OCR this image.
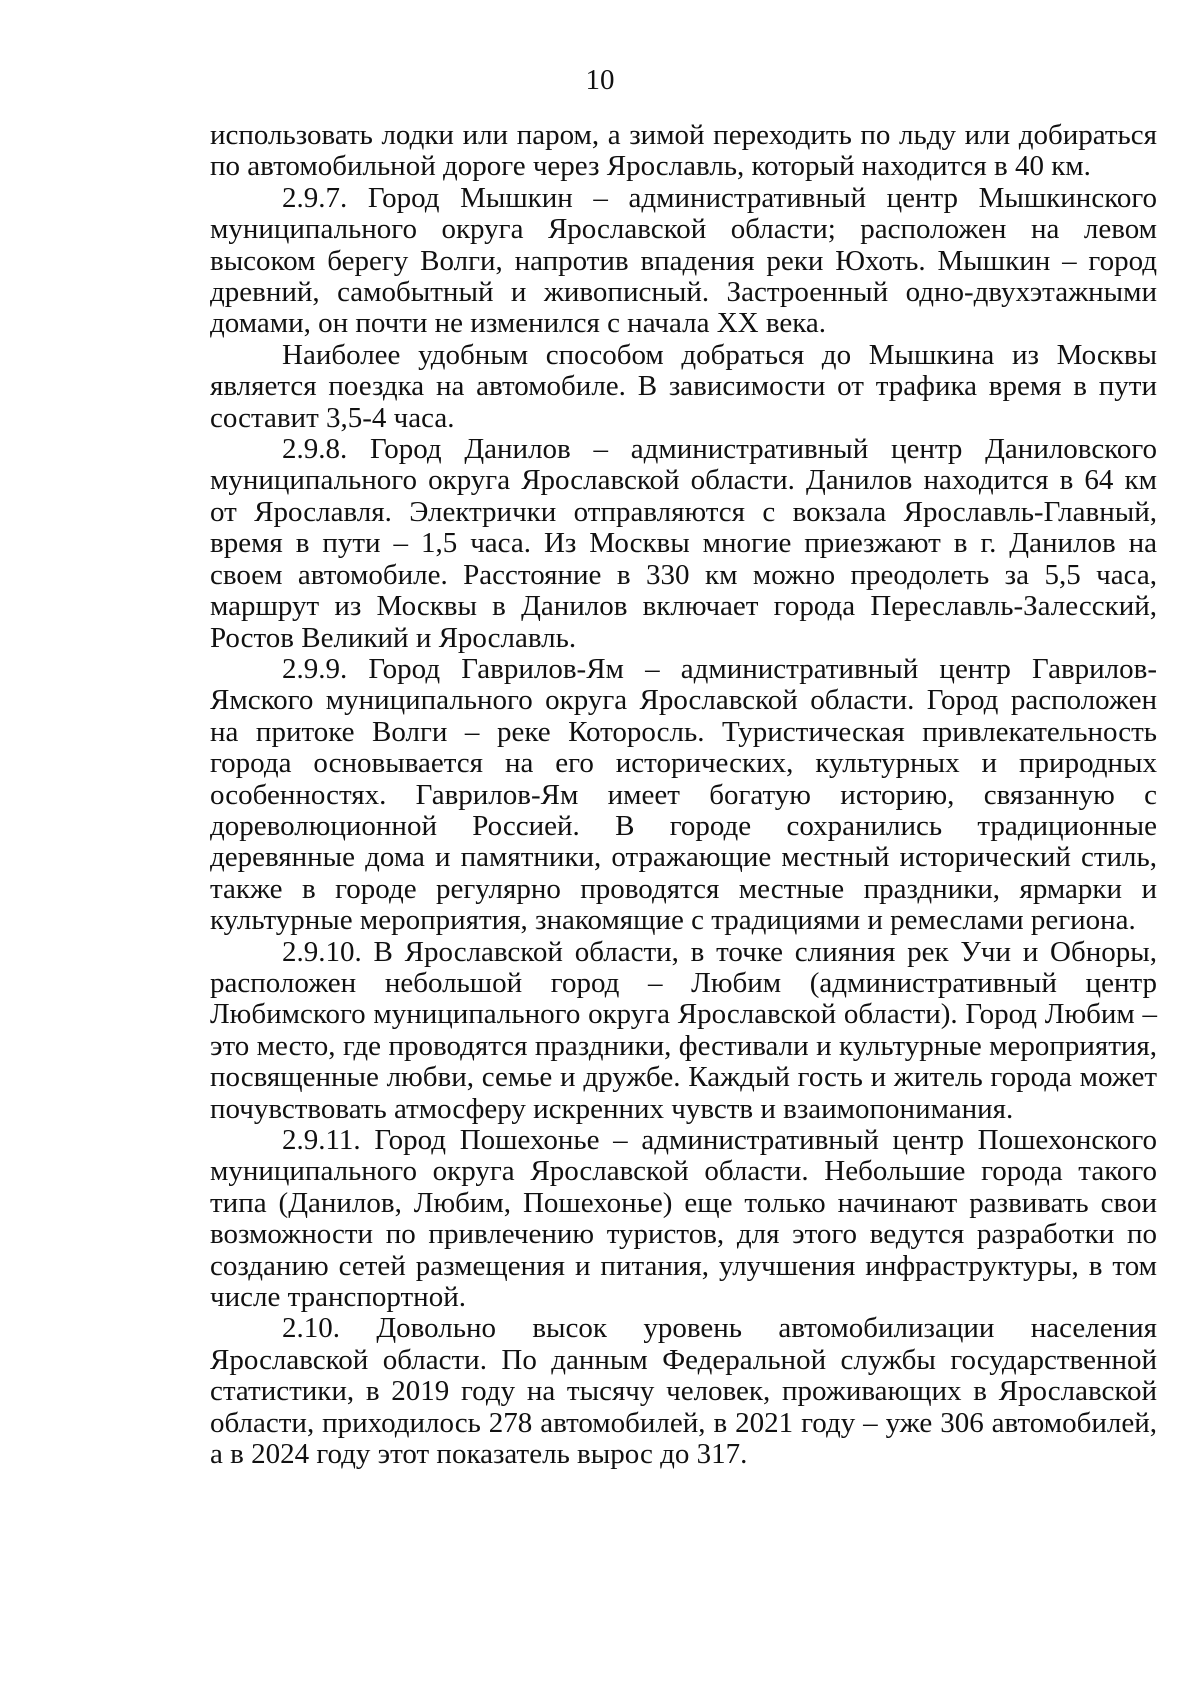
10

использовать лодки или паром, а зимой переходить по льду или добираться по автомобильной дороге через Ярославль, который находится в 40 км.

2.9.7. Город Мышкин – административный центр Мышкинского муниципального округа Ярославской области; расположен на левом высоком берегу Волги, напротив впадения реки Юхоть. Мышкин – город древний, самобытный и живописный. Застроенный одно-двухэтажными домами, он почти не изменился с начала XX века.

Наиболее удобным способом добраться до Мышкина из Москвы является поездка на автомобиле. В зависимости от трафика время в пути составит 3,5-4 часа.

2.9.8. Город Данилов – административный центр Даниловского муниципального округа Ярославской области. Данилов находится в 64 км от Ярославля. Электрички отправляются с вокзала Ярославль-Главный, время в пути – 1,5 часа. Из Москвы многие приезжают в г. Данилов на своем автомобиле. Расстояние в 330 км можно преодолеть за 5,5 часа, маршрут из Москвы в Данилов включает города Переславль-Залесский, Ростов Великий и Ярославль.

2.9.9. Город Гаврилов-Ям – административный центр Гаврилов-Ямского муниципального округа Ярославской области. Город расположен на притоке Волги – реке Которосль. Туристическая привлекательность города основывается на его исторических, культурных и природных особенностях. Гаврилов-Ям имеет богатую историю, связанную с дореволюционной Россией. В городе сохранились традиционные деревянные дома и памятники, отражающие местный исторический стиль, также в городе регулярно проводятся местные праздники, ярмарки и культурные мероприятия, знакомящие с традициями и ремеслами региона.

2.9.10. В Ярославской области, в точке слияния рек Учи и Обноры, расположен небольшой город – Любим (административный центр Любимского муниципального округа Ярославской области). Город Любим – это место, где проводятся праздники, фестивали и культурные мероприятия, посвященные любви, семье и дружбе. Каждый гость и житель города может почувствовать атмосферу искренних чувств и взаимопонимания.

2.9.11. Город Пошехонье – административный центр Пошехонского муниципального округа Ярославской области. Небольшие города такого типа (Данилов, Любим, Пошехонье) еще только начинают развивать свои возможности по привлечению туристов, для этого ведутся разработки по созданию сетей размещения и питания, улучшения инфраструктуры, в том числе транспортной.

2.10. Довольно высок уровень автомобилизации населения Ярославской области. По данным Федеральной службы государственной статистики, в 2019 году на тысячу человек, проживающих в Ярославской области, приходилось 278 автомобилей, в 2021 году – уже 306 автомобилей, а в 2024 году этот показатель вырос до 317.
